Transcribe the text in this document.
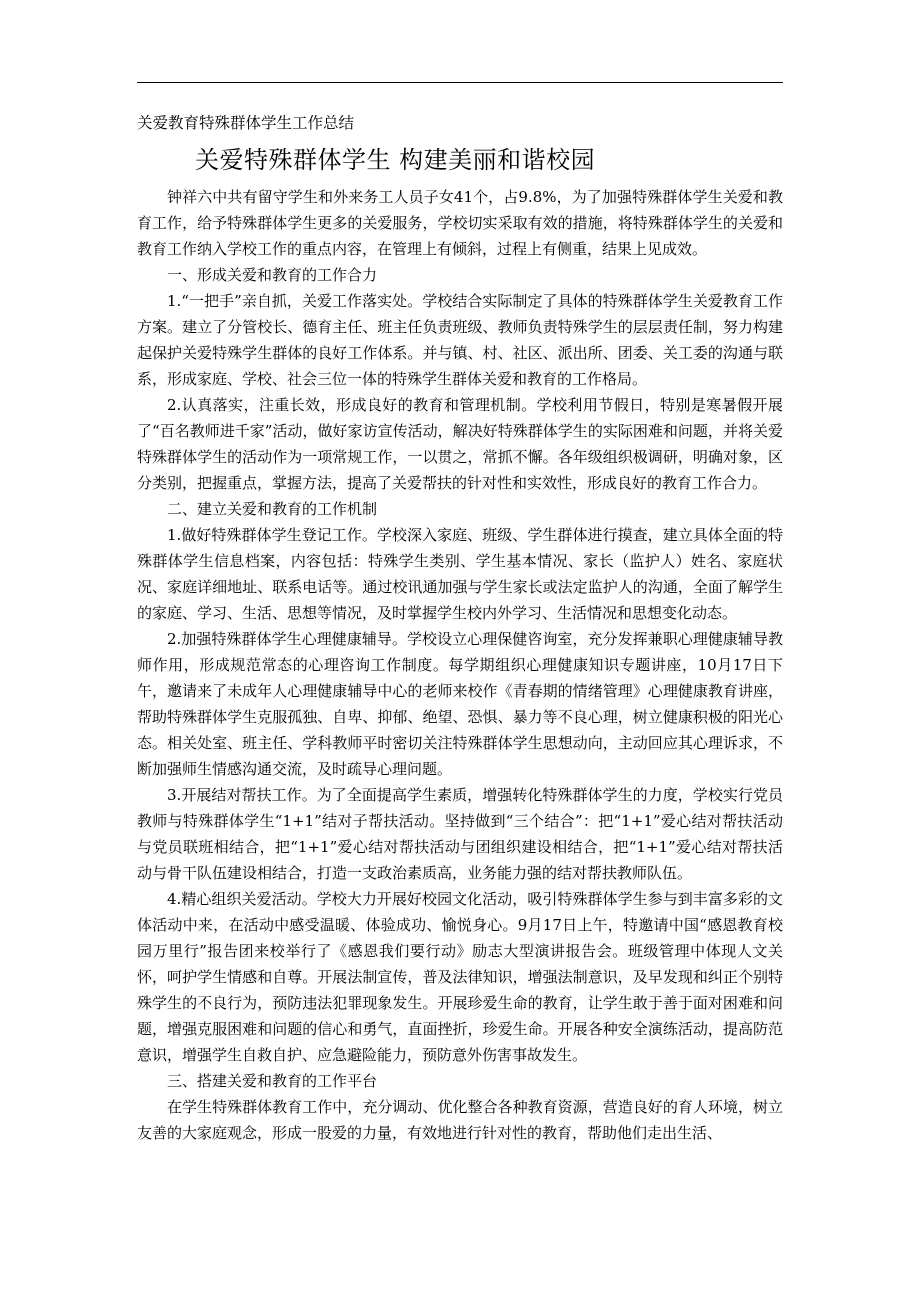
关爱教育特殊群体学生工作总结

关爱特殊群体学生 构建美丽和谐校园

钟祥六中共有留守学生和外来务工人员子女41个，占9.8%，为了加强特殊群体学生关爱和教育工作，给予特殊群体学生更多的关爱服务，学校切实采取有效的措施，将特殊群体学生的关爱和教育工作纳入学校工作的重点内容，在管理上有倾斜，过程上有侧重，结果上见成效。

一、形成关爱和教育的工作合力

1.“一把手”亲自抓，关爱工作落实处。学校结合实际制定了具体的特殊群体学生关爱教育工作方案。建立了分管校长、德育主任、班主任负责班级、教师负责特殊学生的层层责任制，努力构建起保护关爱特殊学生群体的良好工作体系。并与镇、村、社区、派出所、团委、关工委的沟通与联系，形成家庭、学校、社会三位一体的特殊学生群体关爱和教育的工作格局。

2.认真落实，注重长效，形成良好的教育和管理机制。学校利用节假日，特别是寒暑假开展了“百名教师进千家”活动，做好家访宣传活动，解决好特殊群体学生的实际困难和问题，并将关爱特殊群体学生的活动作为一项常规工作，一以贯之，常抓不懈。各年级组织极调研，明确对象，区分类别，把握重点，掌握方法，提高了关爱帮扶的针对性和实效性，形成良好的教育工作合力。

二、建立关爱和教育的工作机制

1.做好特殊群体学生登记工作。学校深入家庭、班级、学生群体进行摸查，建立具体全面的特殊群体学生信息档案，内容包括：特殊学生类别、学生基本情况、家长（监护人）姓名、家庭状况、家庭详细地址、联系电话等。通过校讯通加强与学生家长或法定监护人的沟通，全面了解学生的家庭、学习、生活、思想等情况，及时掌握学生校内外学习、生活情况和思想变化动态。

2.加强特殊群体学生心理健康辅导。学校设立心理保健咨询室，充分发挥兼职心理健康辅导教师作用，形成规范常态的心理咨询工作制度。每学期组织心理健康知识专题讲座，10月17日下午，邀请来了未成年人心理健康辅导中心的老师来校作《青春期的情绪管理》心理健康教育讲座，帮助特殊群体学生克服孤独、自卑、抑郁、绝望、恐惧、暴力等不良心理，树立健康积极的阳光心态。相关处室、班主任、学科教师平时密切关注特殊群体学生思想动向，主动回应其心理诉求，不断加强师生情感沟通交流，及时疏导心理问题。

3.开展结对帮扶工作。为了全面提高学生素质，增强转化特殊群体学生的力度，学校实行党员教师与特殊群体学生“1+1”结对子帮扶活动。坚持做到“三个结合”：把“1+1”爱心结对帮扶活动与党员联班相结合，把“1+1”爱心结对帮扶活动与团组织建设相结合，把“1+1”爱心结对帮扶活动与骨干队伍建设相结合，打造一支政治素质高，业务能力强的结对帮扶教师队伍。

4.精心组织关爱活动。学校大力开展好校园文化活动，吸引特殊群体学生参与到丰富多彩的文体活动中来，在活动中感受温暖、体验成功、愉悦身心。9月17日上午，特邀请中国“感恩教育校园万里行”报告团来校举行了《感恩我们要行动》励志大型演讲报告会。班级管理中体现人文关怀，呵护学生情感和自尊。开展法制宣传，普及法律知识，增强法制意识，及早发现和纠正个别特殊学生的不良行为，预防违法犯罪现象发生。开展珍爱生命的教育，让学生敢于善于面对困难和问题，增强克服困难和问题的信心和勇气，直面挫折，珍爱生命。开展各种安全演练活动，提高防范意识，增强学生自救自护、应急避险能力，预防意外伤害事故发生。

三、搭建关爱和教育的工作平台

在学生特殊群体教育工作中，充分调动、优化整合各种教育资源，营造良好的育人环境，树立友善的大家庭观念，形成一股爱的力量，有效地进行针对性的教育，帮助他们走出生活、
